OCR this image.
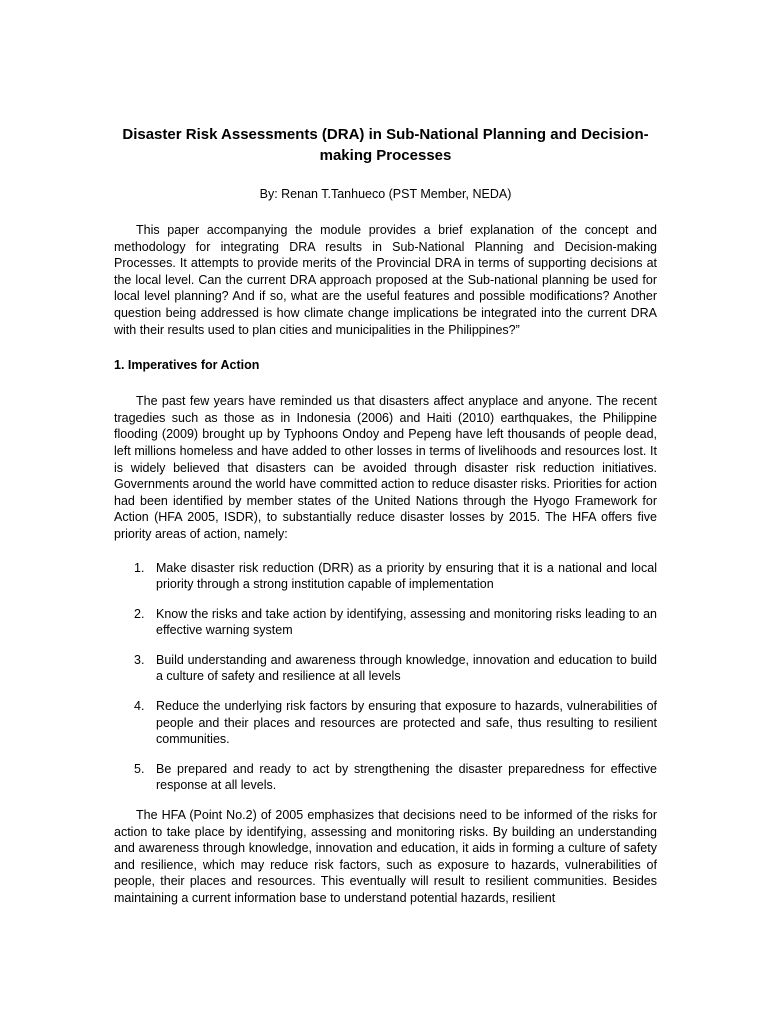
Disaster Risk Assessments (DRA) in Sub-National Planning and Decision-making Processes

By: Renan T.Tanhueco (PST Member, NEDA)

This paper accompanying the module provides a brief explanation of the concept and methodology for integrating DRA results in Sub-National Planning and Decision-making Processes. It attempts to provide merits of the Provincial DRA in terms of supporting decisions at the local level. Can the current DRA approach proposed at the Sub-national planning be used for local level planning? And if so, what are the useful features and possible modifications? Another question being addressed is how climate change implications be integrated into the current DRA with their results used to plan cities and municipalities in the Philippines?”

1. Imperatives for Action

The past few years have reminded us that disasters affect anyplace and anyone. The recent tragedies such as those as in Indonesia (2006) and Haiti (2010) earthquakes, the Philippine flooding (2009) brought up by Typhoons Ondoy and Pepeng have left thousands of people dead, left millions homeless and have added to other losses in terms of livelihoods and resources lost. It is widely believed that disasters can be avoided through disaster risk reduction initiatives. Governments around the world have committed action to reduce disaster risks. Priorities for action had been identified by member states of the United Nations through the Hyogo Framework for Action (HFA 2005, ISDR), to substantially reduce disaster losses by 2015. The HFA offers five priority areas of action, namely:

1. Make disaster risk reduction (DRR) as a priority by ensuring that it is a national and local priority through a strong institution capable of implementation
2. Know the risks and take action by identifying, assessing and monitoring risks leading to an effective warning system
3. Build understanding and awareness through knowledge, innovation and education to build a culture of safety and resilience at all levels
4. Reduce the underlying risk factors by ensuring that exposure to hazards, vulnerabilities of people and their places and resources are protected and safe, thus resulting to resilient communities.
5. Be prepared and ready to act by strengthening the disaster preparedness for effective response at all levels.

The HFA (Point No.2) of 2005 emphasizes that decisions need to be informed of the risks for action to take place by identifying, assessing and monitoring risks. By building an understanding and awareness through knowledge, innovation and education, it aids in forming a culture of safety and resilience, which may reduce risk factors, such as exposure to hazards, vulnerabilities of people, their places and resources. This eventually will result to resilient communities. Besides maintaining a current information base to understand potential hazards, resilient
